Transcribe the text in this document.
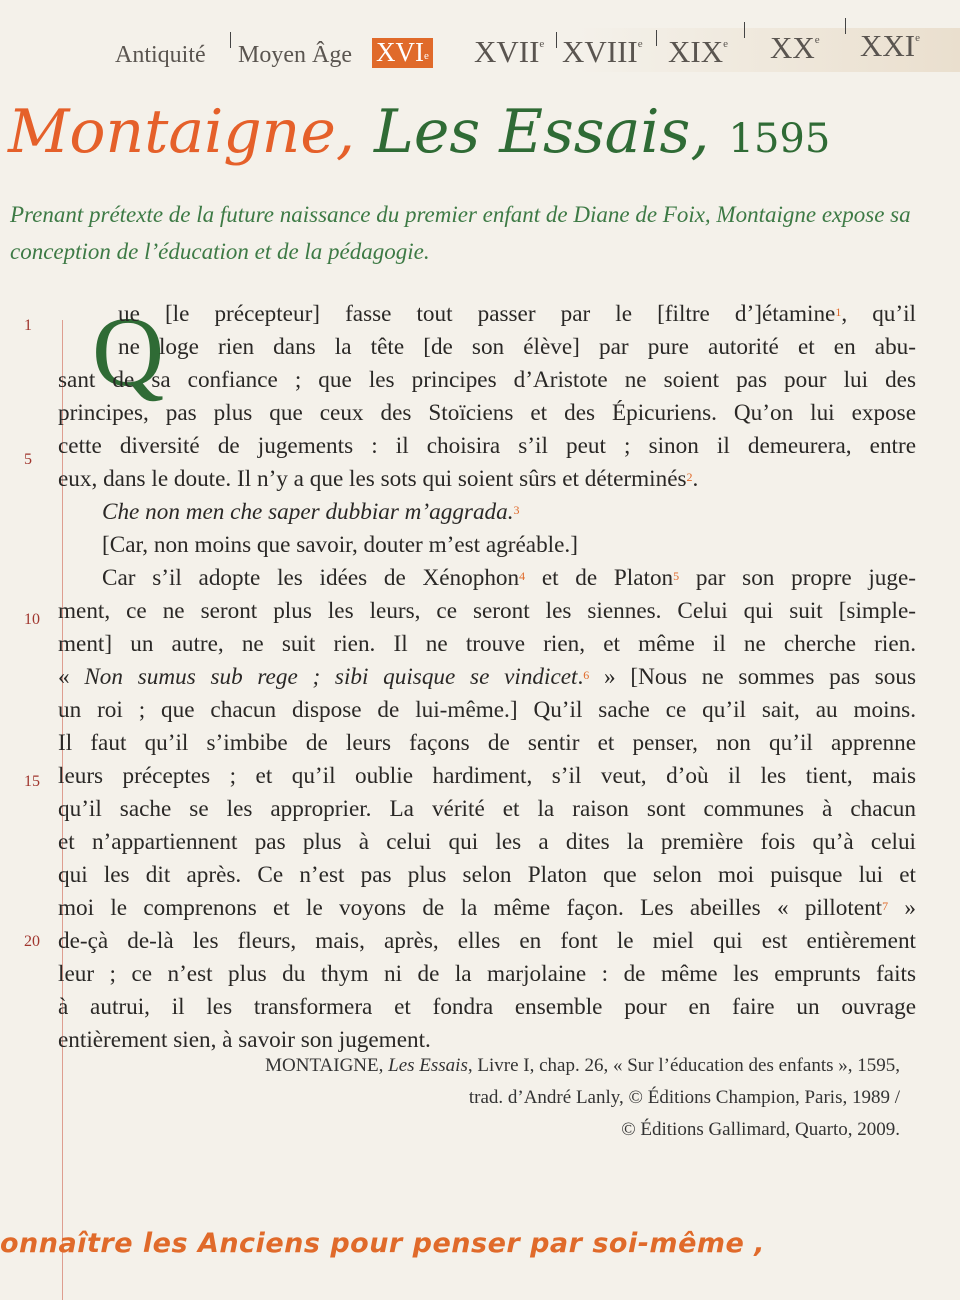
Antiquité Moyen Âge XVIe XVIIe XVIIIe XIXe XXe XXIe
Montaigne, Les Essais, 1595
Prenant prétexte de la future naissance du premier enfant de Diane de Foix, Montaigne expose sa conception de l’éducation et de la pédagogie.
1
5
10
15
20
Q
ue [le précepteur] fasse tout passer par le [filtre d’]étamine$^1$, qu’il
ne loge rien dans la tête [de son élève] par pure autorité et en abu-
sant de sa confiance ; que les principes d’Aristote ne soient pas pour lui des
principes, pas plus que ceux des Stoïciens et des Épicuriens. Qu’on lui expose
cette diversité de jugements : il choisira s’il peut ; sinon il demeurera, entre
eux, dans le doute. Il n’y a que les sots qui soient sûrs et déterminés$^2$.
Che non men che saper dubbiar m’aggrada.$^3$
[Car, non moins que savoir, douter m’est agréable.]
Car s’il adopte les idées de Xénophon$^4$ et de Platon$^5$ par son propre juge-
ment, ce ne seront plus les leurs, ce seront les siennes. Celui qui suit [simple-
ment] un autre, ne suit rien. Il ne trouve rien, et même il ne cherche rien.
« Non sumus sub rege ; sibi quisque se vindicet.$^6$ » [Nous ne sommes pas sous
un roi ; que chacun dispose de lui-même.] Qu’il sache ce qu’il sait, au moins.
Il faut qu’il s’imbibe de leurs façons de sentir et penser, non qu’il apprenne
leurs préceptes ; et qu’il oublie hardiment, s’il veut, d’où il les tient, mais
qu’il sache se les approprier. La vérité et la raison sont communes à chacun
et n’appartiennent pas plus à celui qui les a dites la première fois qu’à celui
qui les dit après. Ce n’est pas plus selon Platon que selon moi puisque lui et
moi le comprenons et le voyons de la même façon. Les abeilles « pillotent$^7$ »
de-çà de-là les fleurs, mais, après, elles en font le miel qui est entièrement
leur ; ce n’est plus du thym ni de la marjolaine : de même les emprunts faits
à autrui, il les transformera et fondra ensemble pour en faire un ouvrage
entièrement sien, à savoir son jugement.
MONTAIGNE, Les Essais, Livre I, chap. 26, « Sur l’éducation des enfants », 1595,
trad. d’André Lanly, © Éditions Champion, Paris, 1989 /
© Éditions Gallimard, Quarto, 2009.
onnaître les Anciens pour penser par soi-même ,
